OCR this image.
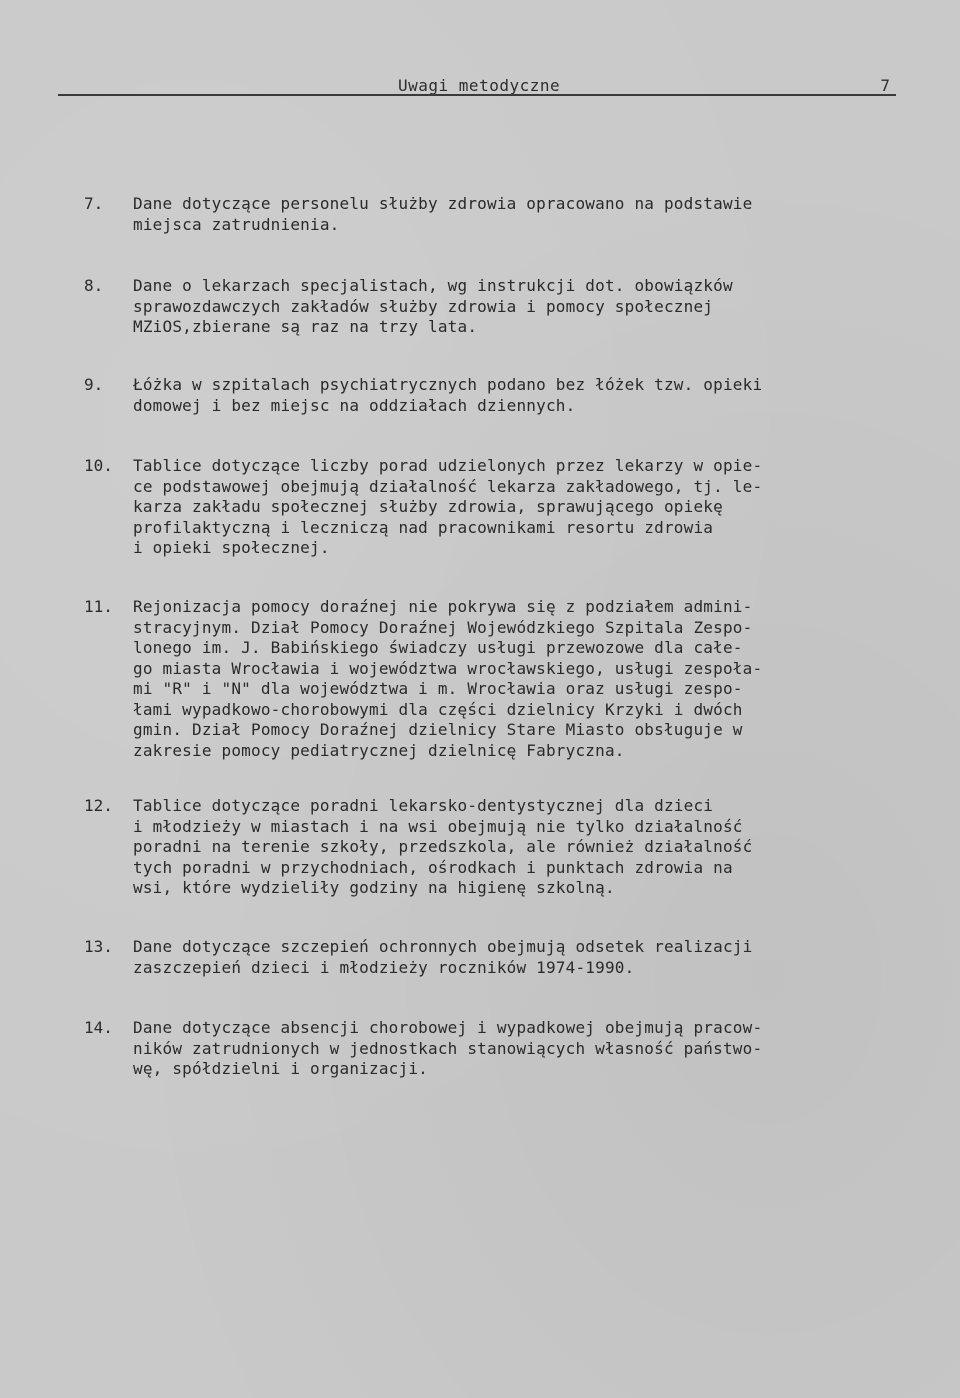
Uwagi metodyczne	7
7.	Dane dotyczące personelu służby zdrowia opracowano na podstawie
miejsca zatrudnienia.

8.	Dane o lekarzach specjalistach, wg instrukcji dot. obowiązków
sprawozdawczych zakładów służby zdrowia i pomocy społecznej
MZiOS,zbierane są raz na trzy lata.

9.	Łóżka w szpitalach psychiatrycznych podano bez łóżek tzw. opieki
domowej i bez miejsc na oddziałach dziennych.

10.	Tablice dotyczące liczby porad udzielonych przez lekarzy w opie-
ce podstawowej obejmują działalność lekarza zakładowego, tj. le-
karza zakładu społecznej służby zdrowia, sprawującego opiekę
profilaktyczną i leczniczą nad pracownikami resortu zdrowia
i opieki społecznej.

11.	Rejonizacja pomocy doraźnej nie pokrywa się z podziałem admini-
stracyjnym. Dział Pomocy Doraźnej Wojewódzkiego Szpitala Zespo-
lonego im. J. Babińskiego świadczy usługi przewozowe dla całe-
go miasta Wrocławia i województwa wrocławskiego, usługi zespoła-
mi "R" i "N" dla województwa i m. Wrocławia oraz usługi zespo-
łami wypadkowo-chorobowymi dla części dzielnicy Krzyki i dwóch
gmin. Dział Pomocy Doraźnej dzielnicy Stare Miasto obsługuje w
zakresie pomocy pediatrycznej dzielnicę Fabryczna.

12.	Tablice dotyczące poradni lekarsko-dentystycznej dla dzieci
i młodzieży w miastach i na wsi obejmują nie tylko działalność
poradni na terenie szkoły, przedszkola, ale również działalność
tych poradni w przychodniach, ośrodkach i punktach zdrowia na
wsi, które wydzieliły godziny na higienę szkolną.

13.	Dane dotyczące szczepień ochronnych obejmują odsetek realizacji
zaszczepień dzieci i młodzieży roczników 1974-1990.

14.	Dane dotyczące absencji chorobowej i wypadkowej obejmują pracow-
ników zatrudnionych w jednostkach stanowiących własność państwo-
wę, spółdzielni i organizacji.
